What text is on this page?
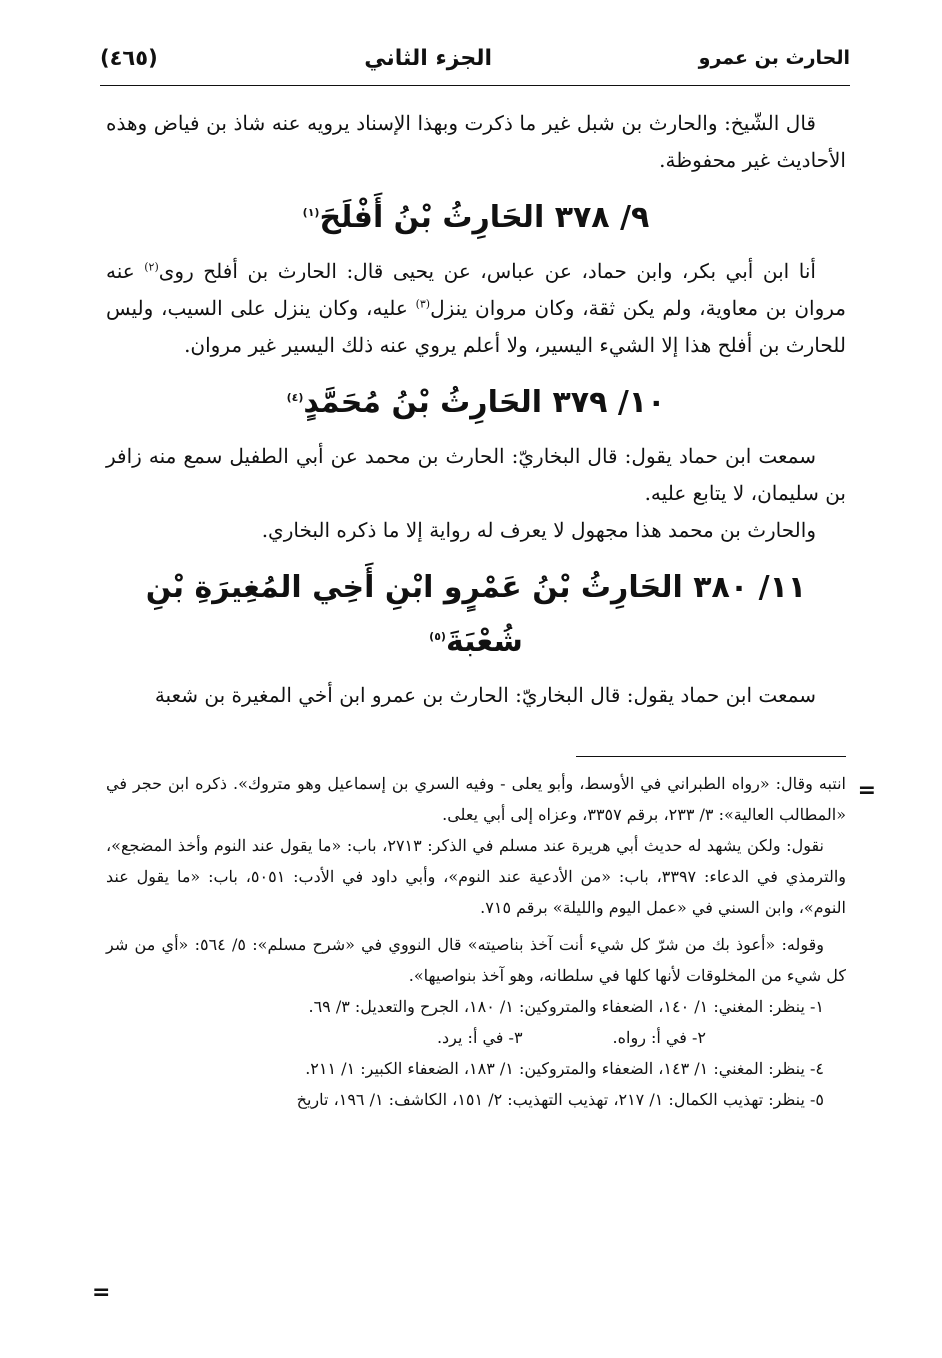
(٤٦٥)	الجزء الثاني	الحارث بن عمرو

قال الشّيخ: والحارث بن شبل غير ما ذكرت وبهذا الإسناد يرويه عنه شاذ بن فياض وهذه الأحاديث غير محفوظة.

٩/ ٣٧٨ الحَارِثُ بْنُ أَفْلَحَ$^{(١)}$

أنا ابن أبي بكر، وابن حماد، عن عباس، عن يحيى قال: الحارث بن أفلح روى$^{(٢)}$ عنه مروان بن معاوية، ولم يكن ثقة، وكان مروان ينزل$^{(٣)}$ عليه، وكان ينزل على السيب، وليس للحارث بن أفلح هذا إلا الشيء اليسير، ولا أعلم يروي عنه ذلك اليسير غير مروان.

١٠/ ٣٧٩ الحَارِثُ بْنُ مُحَمَّدٍ$^{(٤)}$

سمعت ابن حماد يقول: قال البخاريّ: الحارث بن محمد عن أبي الطفيل سمع منه زافر بن سليمان، لا يتابع عليه.

والحارث بن محمد هذا مجهول لا يعرف له رواية إلا ما ذكره البخاري.

١١/ ٣٨٠ الحَارِثُ بْنُ عَمْرٍو ابْنِ أَخِي المُغِيرَةِ بْنِ شُعْبَةَ$^{(٥)}$

سمعت ابن حماد يقول: قال البخاريّ: الحارث بن عمرو ابن أخي المغيرة بن شعبة

=

انتبه وقال: «رواه الطبراني في الأوسط، وأبو يعلى - وفيه السري بن إسماعيل وهو متروك». ذكره ابن حجر في «المطالب العالية»: ٣/ ٢٣٣، برقم ٣٣٥٧، وعزاه إلى أبي يعلى.

نقول: ولكن يشهد له حديث أبي هريرة عند مسلم في الذكر: ٢٧١٣، باب: «ما يقول عند النوم وأخذ المضجع»، والترمذي في الدعاء: ٣٣٩٧، باب: «من الأدعية عند النوم»، وأبي داود في الأدب: ٥٠٥١، باب: «ما يقول عند النوم»، وابن السني في «عمل اليوم والليلة» برقم ٧١٥.

وقوله: «أعوذ بك من شرّ كل شيء أنت آخذ بناصيته» قال النووي في «شرح مسلم»: ٥/ ٥٦٤: «أي من شر كل شيء من المخلوقات لأنها كلها في سلطانه، وهو آخذ بنواصيها».

١- ينظر: المغني: ١/ ١٤٠، الضعفاء والمتروكين: ١/ ١٨٠، الجرح والتعديل: ٣/ ٦٩.

٢- في أ: رواه.
٣- في أ: يرد.

٤- ينظر: المغني: ١/ ١٤٣، الضعفاء والمتروكين: ١/ ١٨٣، الضعفاء الكبير: ١/ ٢١١.

٥- ينظر: تهذيب الكمال: ١/ ٢١٧، تهذيب التهذيب: ٢/ ١٥١، الكاشف: ١/ ١٩٦، تاريخ

=
